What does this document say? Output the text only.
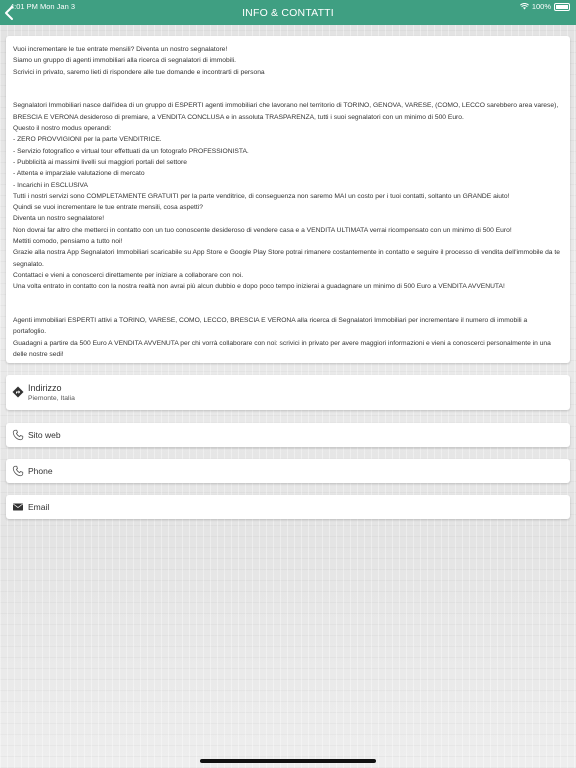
4:01 PM Mon Jan 3	100%
INFO & CONTATTI

Vuoi incrementare le tue entrate mensili? Diventa un nostro segnalatore!
Siamo un gruppo di agenti immobiliari alla ricerca di segnalatori di immobili.
Scrivici in privato, saremo lieti di rispondere alle tue domande e incontrarti di persona

Segnalatori Immobiliari nasce dall'idea di un gruppo di ESPERTI agenti immobiliari che lavorano nel territorio di TORINO, GENOVA, VARESE, (COMO, LECCO sarebbero area varese), BRESCIA E VERONA desideroso di premiare, a VENDITA CONCLUSA e in assoluta TRASPARENZA, tutti i suoi segnalatori con un minimo di 500 Euro.
Questo il nostro modus operandi:
- ZERO PROVVIGIONI per la parte VENDITRICE.
- Servizio fotografico e virtual tour effettuati da un fotografo PROFESSIONISTA.
- Pubblicità ai massimi livelli sui maggiori portali del settore
- Attenta e imparziale valutazione di mercato
- Incarichi in ESCLUSIVA
Tutti i nostri servizi sono COMPLETAMENTE GRATUITI per la parte venditrice, di conseguenza non saremo MAI un costo per i tuoi contatti, soltanto un GRANDE aiuto!
Quindi se vuoi incrementare le tue entrate mensili, cosa aspetti?
Diventa un nostro segnalatore!
Non dovrai far altro che metterci in contatto con un tuo conoscente desideroso di vendere casa e a VENDITA ULTIMATA verrai ricompensato con un minimo di 500 Euro!
Mettiti comodo, pensiamo a tutto noi!
Grazie alla nostra App Segnalatori Immobiliari scaricabile su App Store e Google Play Store potrai rimanere costantemente in contatto e seguire il processo di vendita dell'immobile da te segnalato.
Contattaci e vieni a conoscerci direttamente per iniziare a collaborare con noi.
Una volta entrato in contatto con la nostra realtà non avrai più alcun dubbio e dopo poco tempo inizierai a guadagnare un minimo di 500 Euro a VENDITA AVVENUTA!

Agenti immobiliari ESPERTI attivi a TORINO, VARESE, COMO, LECCO, BRESCIA E VERONA alla ricerca di Segnalatori Immobiliari per incrementare il numero di immobili a portafoglio.
Guadagni a partire da 500 Euro A VENDITA AVVENUTA per chi vorrà collaborare con noi: scrivici in privato per avere maggiori informazioni e vieni a conoscerci personalmente in una delle nostre sedi!

Indirizzo
Piemonte, Italia
Sito web
Phone
Email
